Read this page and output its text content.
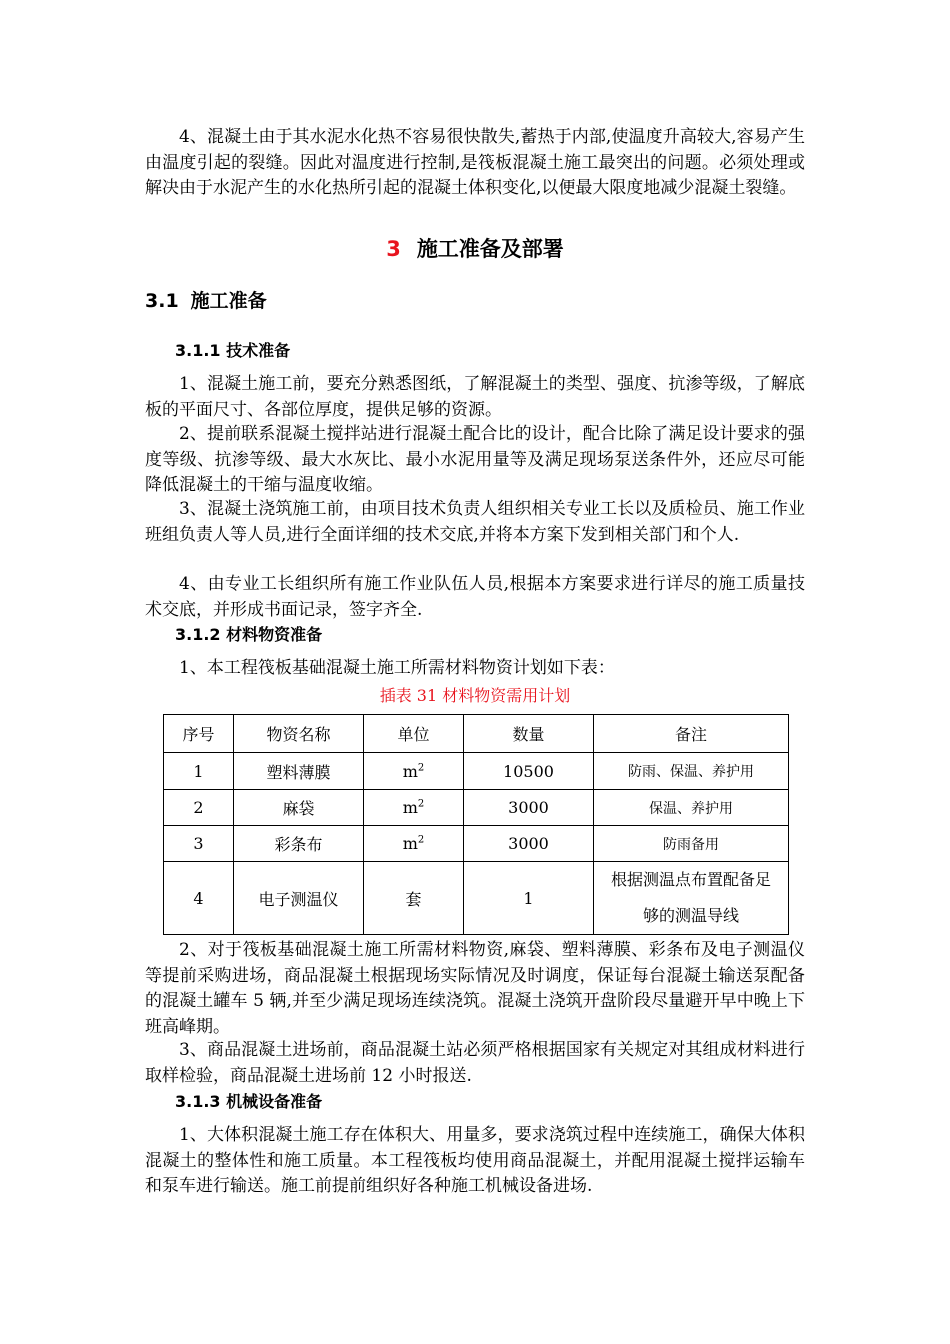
4、混凝土由于其水泥水化热不容易很快散失,蓄热于内部,使温度升高较大,容易产生由温度引起的裂缝。因此对温度进行控制,是筏板混凝土施工最突出的问题。必须处理或解决由于水泥产生的水化热所引起的混凝土体积变化,以便最大限度地减少混凝土裂缝。

3 施工准备及部署
3.1 施工准备
3.1.1 技术准备

1、混凝土施工前，要充分熟悉图纸，了解混凝土的类型、强度、抗渗等级，了解底板的平面尺寸、各部位厚度，提供足够的资源。

2、提前联系混凝土搅拌站进行混凝土配合比的设计，配合比除了满足设计要求的强度等级、抗渗等级、最大水灰比、最小水泥用量等及满足现场泵送条件外，还应尽可能降低混凝土的干缩与温度收缩。

3、混凝土浇筑施工前，由项目技术负责人组织相关专业工长以及质检员、施工作业班组负责人等人员,进行全面详细的技术交底,并将本方案下发到相关部门和个人.

4、由专业工长组织所有施工作业队伍人员,根据本方案要求进行详尽的施工质量技术交底，并形成书面记录，签字齐全.

3.1.2 材料物资准备

1、本工程筏板基础混凝土施工所需材料物资计划如下表：

插表 31 材料物资需用计划

序号	物资名称	单位	数量	备注
1	塑料薄膜	$m^2$	10500	防雨、保温、养护用
2	麻袋	$m^2$	3000	保温、养护用
3	彩条布	$m^2$	3000	防雨备用
4	电子测温仪	套	1	根据测温点布置配备足够的测温导线

2、对于筏板基础混凝土施工所需材料物资,麻袋、塑料薄膜、彩条布及电子测温仪等提前采购进场，商品混凝土根据现场实际情况及时调度，保证每台混凝土输送泵配备的混凝土罐车 5 辆,并至少满足现场连续浇筑。混凝土浇筑开盘阶段尽量避开早中晚上下班高峰期。

3、商品混凝土进场前，商品混凝土站必须严格根据国家有关规定对其组成材料进行取样检验，商品混凝土进场前 12 小时报送.

3.1.3 机械设备准备

1、大体积混凝土施工存在体积大、用量多，要求浇筑过程中连续施工，确保大体积混凝土的整体性和施工质量。本工程筏板均使用商品混凝土，并配用混凝土搅拌运输车和泵车进行输送。施工前提前组织好各种施工机械设备进场.
